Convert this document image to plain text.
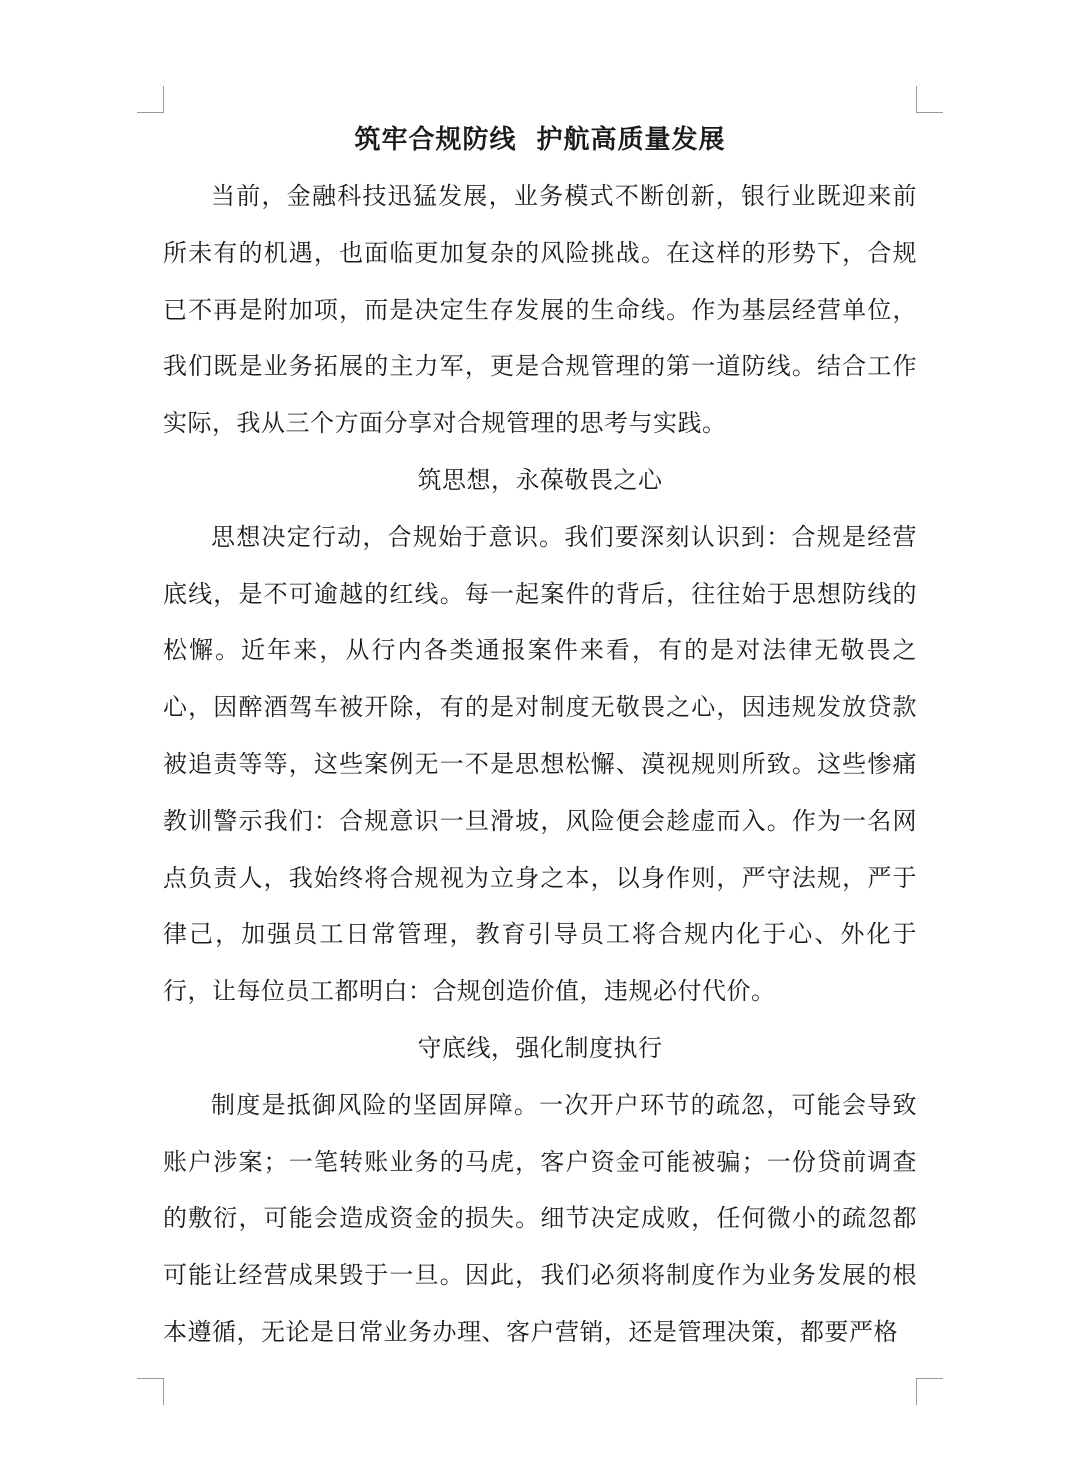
筑牢合规防线  护航高质量发展

当前，金融科技迅猛发展，业务模式不断创新，银行业既迎来前所未有的机遇，也面临更加复杂的风险挑战。在这样的形势下，合规已不再是附加项，而是决定生存发展的生命线。作为基层经营单位，我们既是业务拓展的主力军，更是合规管理的第一道防线。结合工作实际，我从三个方面分享对合规管理的思考与实践。

筑思想，永葆敬畏之心

思想决定行动，合规始于意识。我们要深刻认识到：合规是经营底线，是不可逾越的红线。每一起案件的背后，往往始于思想防线的松懈。近年来，从行内各类通报案件来看，有的是对法律无敬畏之心，因醉酒驾车被开除，有的是对制度无敬畏之心，因违规发放贷款被追责等等，这些案例无一不是思想松懈、漠视规则所致。这些惨痛教训警示我们：合规意识一旦滑坡，风险便会趁虚而入。作为一名网点负责人，我始终将合规视为立身之本，以身作则，严守法规，严于律己，加强员工日常管理，教育引导员工将合规内化于心、外化于行，让每位员工都明白：合规创造价值，违规必付代价。

守底线，强化制度执行

制度是抵御风险的坚固屏障。一次开户环节的疏忽，可能会导致账户涉案；一笔转账业务的马虎，客户资金可能被骗；一份贷前调查的敷衍，可能会造成资金的损失。细节决定成败，任何微小的疏忽都可能让经营成果毁于一旦。因此，我们必须将制度作为业务发展的根本遵循，无论是日常业务办理、客户营销，还是管理决策，都要严格
